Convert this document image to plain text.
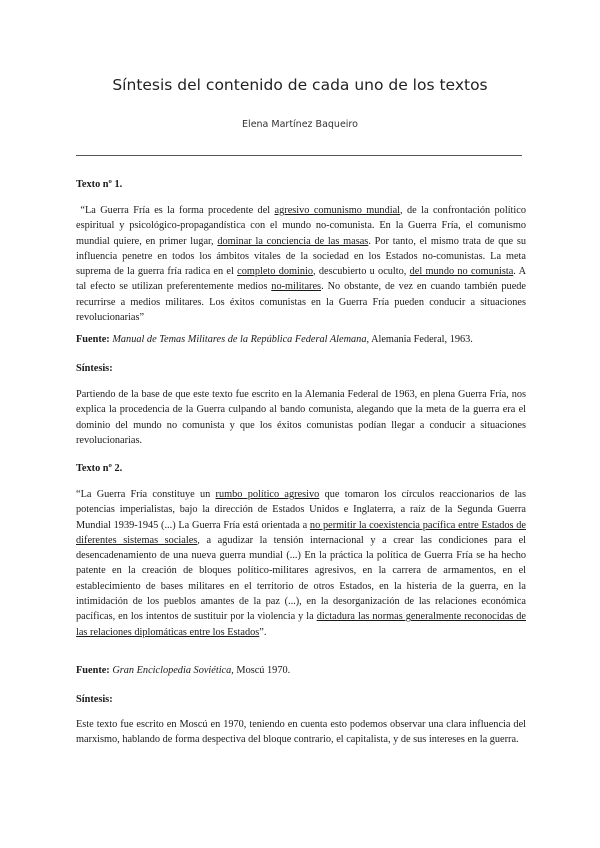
Síntesis del contenido de cada uno de los textos
Elena Martínez Baqueiro
Texto nº 1.
“La Guerra Fría es la forma procedente del agresivo comunismo mundial, de la confrontación político espiritual y psicológico-propagandística con el mundo no-comunista. En la Guerra Fría, el comunismo mundial quiere, en primer lugar, dominar la conciencia de las masas. Por tanto, el mismo trata de que su influencia penetre en todos los ámbitos vitales de la sociedad en los Estados no-comunistas. La meta suprema de la guerra fría radica en el completo dominio, descubierto u oculto, del mundo no comunista. A tal efecto se utilizan preferentemente medios no-militares. No obstante, de vez en cuando también puede recurrirse a medios militares. Los éxitos comunistas en la Guerra Fría pueden conducir a situaciones revolucionarias”
Fuente: Manual de Temas Militares de la República Federal Alemana, Alemania Federal, 1963.
Síntesis:
Partiendo de la base de que este texto fue escrito en la Alemania Federal de 1963, en plena Guerra Fría, nos explica la procedencia de la Guerra culpando al bando comunista, alegando que la meta de la guerra era el dominio del mundo no comunista y que los éxitos comunistas podían llegar a conducir a situaciones revolucionarias.
Texto nº 2.
“La Guerra Fría constituye un rumbo político agresivo que tomaron los círculos reaccionarios de las potencias imperialistas, bajo la dirección de Estados Unidos e Inglaterra, a raíz de la Segunda Guerra Mundial 1939-1945 (...) La Guerra Fría está orientada a no permitir la coexistencia pacífica entre Estados de diferentes sistemas sociales, a agudizar la tensión internacional y a crear las condiciones para el desencadenamiento de una nueva guerra mundial (...) En la práctica la política de Guerra Fría se ha hecho patente en la creación de bloques político-militares agresivos, en la carrera de armamentos, en el establecimiento de bases militares en el territorio de otros Estados, en la histeria de la guerra, en la intimidación de los pueblos amantes de la paz (...), en la desorganización de las relaciones económica pacíficas, en los intentos de sustituir por la violencia y la dictadura las normas generalmente reconocidas de las relaciones diplomáticas entre los Estados”.
Fuente: Gran Enciclopedia Soviética, Moscú 1970.
Síntesis:
Este texto fue escrito en Moscú en 1970, teniendo en cuenta esto podemos observar una clara influencia del marxismo, hablando de forma despectiva del bloque contrario, el capitalista, y de sus intereses en la guerra.
